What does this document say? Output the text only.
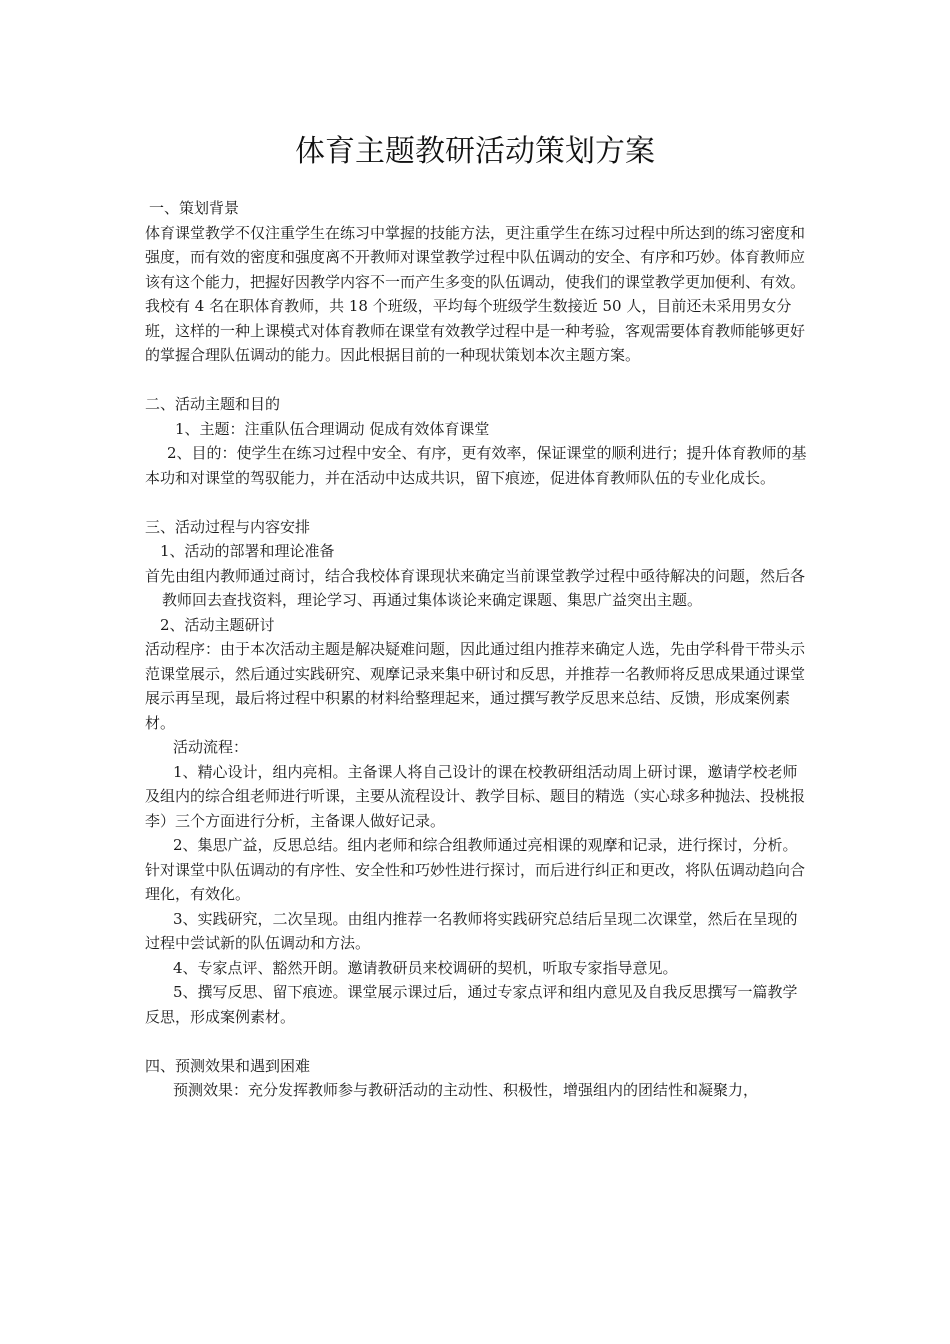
体育主题教研活动策划方案

一、策划背景

体育课堂教学不仅注重学生在练习中掌握的技能方法，更注重学生在练习过程中所达到的练习密度和强度，而有效的密度和强度离不开教师对课堂教学过程中队伍调动的安全、有序和巧妙。体育教师应该有这个能力，把握好因教学内容不一而产生多变的队伍调动，使我们的课堂教学更加便利、有效。

我校有 4 名在职体育教师，共 18 个班级，平均每个班级学生数接近 50 人，目前还未采用男女分班，这样的一种上课模式对体育教师在课堂有效教学过程中是一种考验，客观需要体育教师能够更好的掌握合理队伍调动的能力。因此根据目前的一种现状策划本次主题方案。

二、活动主题和目的

1、主题：注重队伍合理调动 促成有效体育课堂

2、目的：使学生在练习过程中安全、有序，更有效率，保证课堂的顺利进行；提升体育教师的基本功和对课堂的驾驭能力，并在活动中达成共识，留下痕迹，促进体育教师队伍的专业化成长。

三、活动过程与内容安排

1、活动的部署和理论准备

首先由组内教师通过商讨，结合我校体育课现状来确定当前课堂教学过程中亟待解决的问题，然后各教师回去查找资料，理论学习、再通过集体谈论来确定课题、集思广益突出主题。

2、活动主题研讨

活动程序：由于本次活动主题是解决疑难问题，因此通过组内推荐来确定人选，先由学科骨干带头示范课堂展示，然后通过实践研究、观摩记录来集中研讨和反思，并推荐一名教师将反思成果通过课堂展示再呈现，最后将过程中积累的材料给整理起来，通过撰写教学反思来总结、反馈，形成案例素材。

活动流程：

1、精心设计，组内亮相。主备课人将自己设计的课在校教研组活动周上研讨课，邀请学校老师及组内的综合组老师进行听课，主要从流程设计、教学目标、题目的精选（实心球多种抛法、投桃报李）三个方面进行分析，主备课人做好记录。

2、集思广益，反思总结。组内老师和综合组教师通过亮相课的观摩和记录，进行探讨，分析。针对课堂中队伍调动的有序性、安全性和巧妙性进行探讨，而后进行纠正和更改，将队伍调动趋向合理化，有效化。

3、实践研究，二次呈现。由组内推荐一名教师将实践研究总结后呈现二次课堂，然后在呈现的过程中尝试新的队伍调动和方法。

4、专家点评、豁然开朗。邀请教研员来校调研的契机，听取专家指导意见。

5、撰写反思、留下痕迹。课堂展示课过后，通过专家点评和组内意见及自我反思撰写一篇教学反思，形成案例素材。

四、预测效果和遇到困难

预测效果：充分发挥教师参与教研活动的主动性、积极性，增强组内的团结性和凝聚力，
